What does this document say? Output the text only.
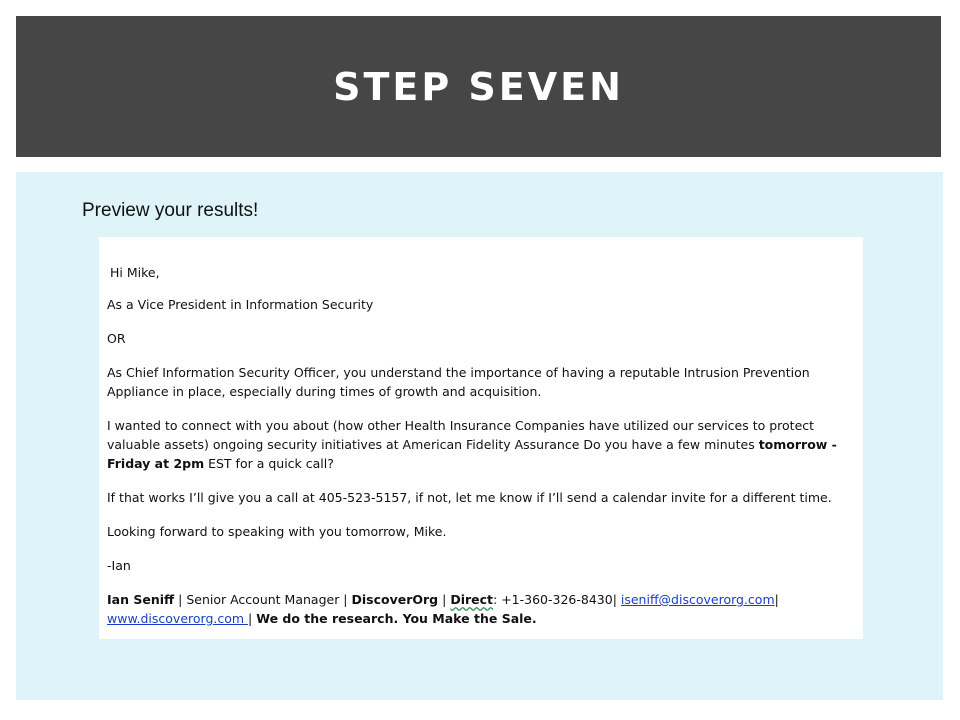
STEP SEVEN
Preview your results!

Hi Mike,

As a Vice President in Information Security

OR

As Chief Information Security Officer, you understand the importance of having a reputable Intrusion Prevention Appliance in place, especially during times of growth and acquisition.

I wanted to connect with you about (how other Health Insurance Companies have utilized our services to protect valuable assets) ongoing security initiatives at American Fidelity Assurance Do you have a few minutes tomorrow - Friday at 2pm EST for a quick call?

If that works I’ll give you a call at 405-523-5157, if not, let me know if I’ll send a calendar invite for a different time.

Looking forward to speaking with you tomorrow, Mike.

-Ian

Ian Seniff | Senior Account Manager | DiscoverOrg | Direct: +1-360-326-8430| iseniff@discoverorg.com|
www.discoverorg.com | We do the research. You Make the Sale.
